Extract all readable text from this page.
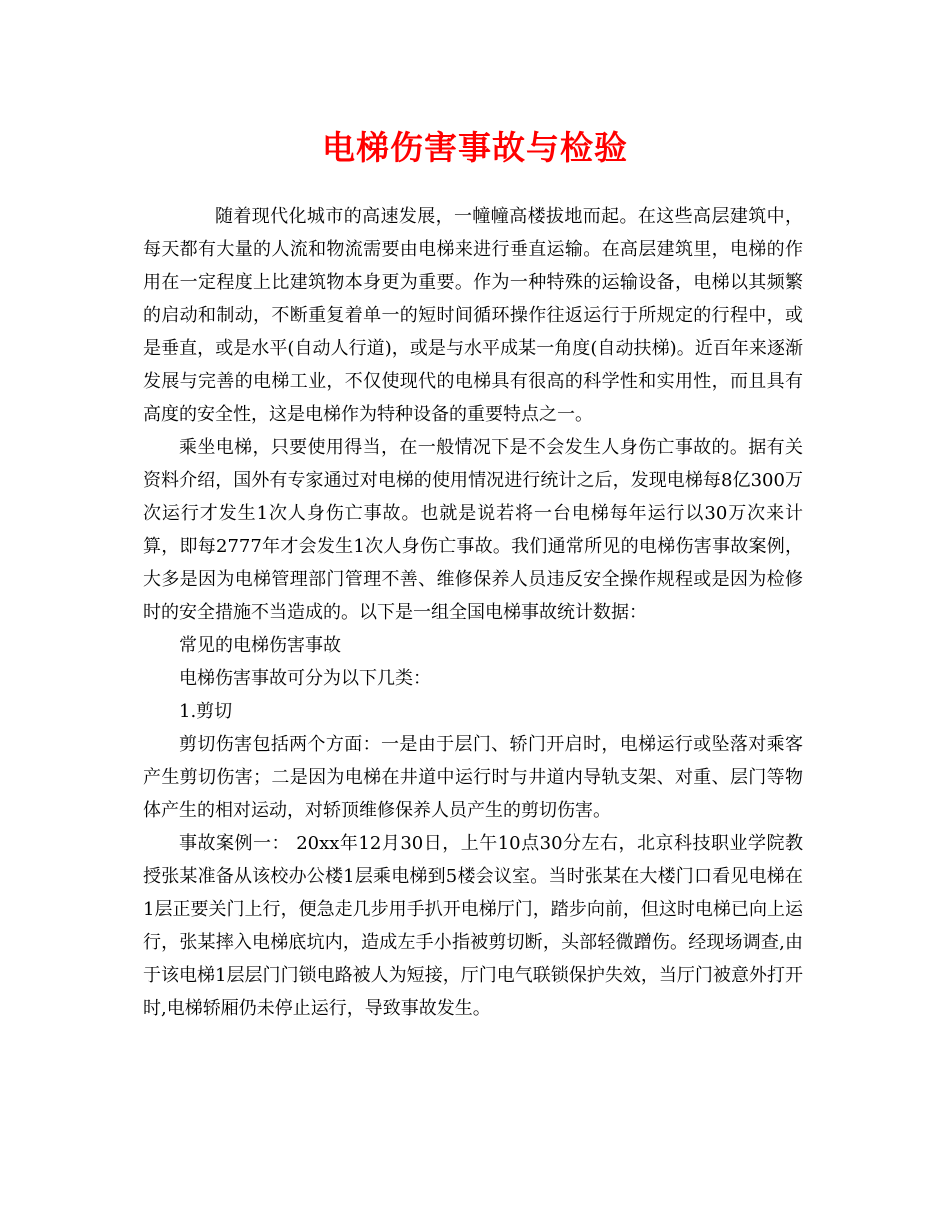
电梯伤害事故与检验

随着现代化城市的高速发展，一幢幢高楼拔地而起。在这些高层建筑中，每天都有大量的人流和物流需要由电梯来进行垂直运输。在高层建筑里，电梯的作用在一定程度上比建筑物本身更为重要。作为一种特殊的运输设备，电梯以其频繁的启动和制动，不断重复着单一的短时间循环操作往返运行于所规定的行程中，或是垂直，或是水平(自动人行道)，或是与水平成某一角度(自动扶梯)。近百年来逐渐发展与完善的电梯工业，不仅使现代的电梯具有很高的科学性和实用性，而且具有高度的安全性，这是电梯作为特种设备的重要特点之一。

乘坐电梯，只要使用得当，在一般情况下是不会发生人身伤亡事故的。据有关资料介绍，国外有专家通过对电梯的使用情况进行统计之后，发现电梯每8亿300万次运行才发生1次人身伤亡事故。也就是说若将一台电梯每年运行以30万次来计算，即每2777年才会发生1次人身伤亡事故。我们通常所见的电梯伤害事故案例，大多是因为电梯管理部门管理不善、维修保养人员违反安全操作规程或是因为检修时的安全措施不当造成的。以下是一组全国电梯事故统计数据：

常见的电梯伤害事故

电梯伤害事故可分为以下几类：

1.剪切

剪切伤害包括两个方面：一是由于层门、轿门开启时，电梯运行或坠落对乘客产生剪切伤害；二是因为电梯在井道中运行时与井道内导轨支架、对重、层门等物体产生的相对运动，对轿顶维修保养人员产生的剪切伤害。

事故案例一： 20xx年12月30日，上午10点30分左右，北京科技职业学院教授张某准备从该校办公楼1层乘电梯到5楼会议室。当时张某在大楼门口看见电梯在1层正要关门上行，便急走几步用手扒开电梯厅门，踏步向前，但这时电梯已向上运行，张某摔入电梯底坑内，造成左手小指被剪切断，头部轻微蹭伤。经现场调查,由于该电梯1层层门门锁电路被人为短接，厅门电气联锁保护失效，当厅门被意外打开时,电梯轿厢仍未停止运行，导致事故发生。
